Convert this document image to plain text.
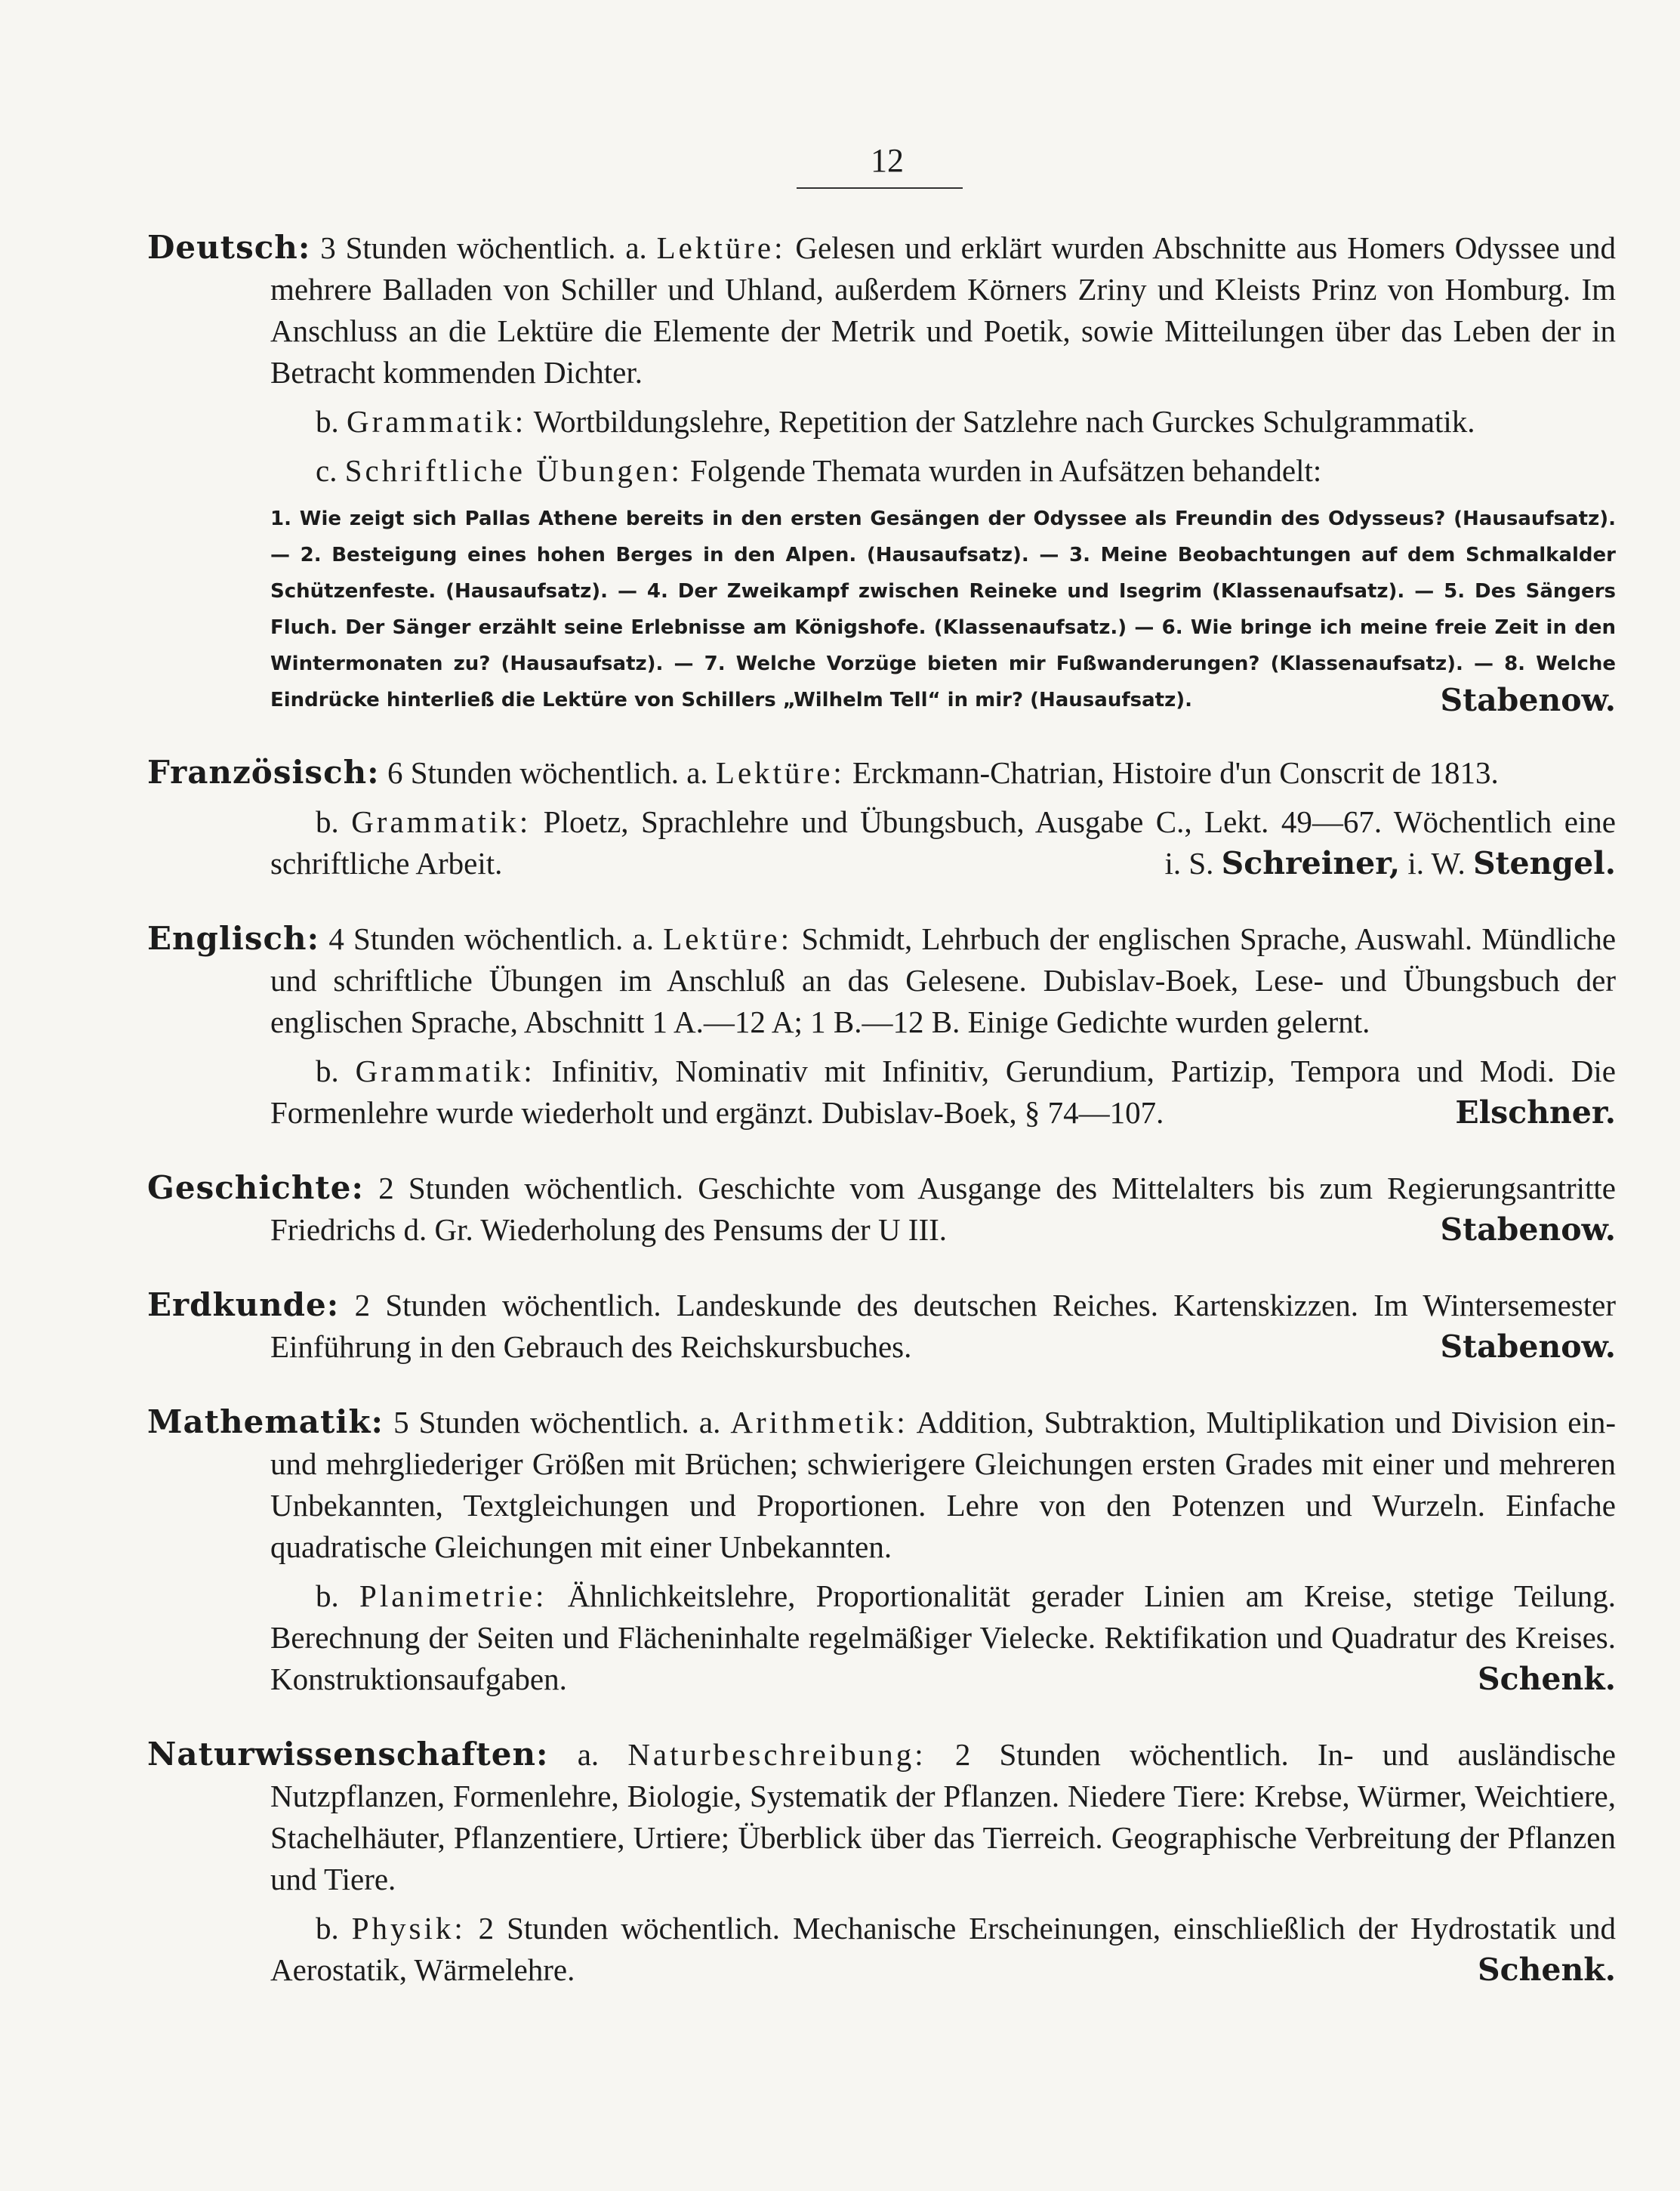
12

Deutsch: 3 Stunden wöchentlich. a. Lektüre: Gelesen und erklärt wurden Abschnitte aus Homers Odyssee und mehrere Balladen von Schiller und Uhland, außerdem Körners Zriny und Kleists Prinz von Homburg. Im Anschluss an die Lektüre die Elemente der Metrik und Poetik, sowie Mitteilungen über das Leben der in Betracht kommenden Dichter.

b. Grammatik: Wortbildungslehre, Repetition der Satzlehre nach Gurckes Schulgrammatik.

c. Schriftliche Übungen: Folgende Themata wurden in Aufsätzen behandelt:

1. Wie zeigt sich Pallas Athene bereits in den ersten Gesängen der Odyssee als Freundin des Odysseus? (Hausaufsatz). — 2. Besteigung eines hohen Berges in den Alpen. (Hausaufsatz). — 3. Meine Beobachtungen auf dem Schmalkalder Schützenfeste. (Hausaufsatz). — 4. Der Zweikampf zwischen Reineke und Isegrim (Klassenaufsatz). — 5. Des Sängers Fluch. Der Sänger erzählt seine Erlebnisse am Königshofe. (Klassenaufsatz.) — 6. Wie bringe ich meine freie Zeit in den Wintermonaten zu? (Hausaufsatz). — 7. Welche Vorzüge bieten mir Fußwanderungen? (Klassenaufsatz). — 8. Welche Eindrücke hinterließ die Lektüre von Schillers „Wilhelm Tell“ in mir? (Hausaufsatz).	Stabenow.

Französisch: 6 Stunden wöchentlich. a. Lektüre: Erckmann-Chatrian, Histoire d'un Conscrit de 1813.

b. Grammatik: Ploetz, Sprachlehre und Übungsbuch, Ausgabe C., Lekt. 49—67. Wöchentlich eine schriftliche Arbeit.	i. S. Schreiner, i. W. Stengel.

Englisch: 4 Stunden wöchentlich. a. Lektüre: Schmidt, Lehrbuch der englischen Sprache, Auswahl. Mündliche und schriftliche Übungen im Anschluß an das Gelesene. Dubislav-Boek, Lese- und Übungsbuch der englischen Sprache, Abschnitt 1 A.—12 A; 1 B.—12 B. Einige Gedichte wurden gelernt.

b. Grammatik: Infinitiv, Nominativ mit Infinitiv, Gerundium, Partizip, Tempora und Modi. Die Formenlehre wurde wiederholt und ergänzt. Dubislav-Boek, § 74—107.	Elschner.

Geschichte: 2 Stunden wöchentlich. Geschichte vom Ausgange des Mittelalters bis zum Regierungsantritte Friedrichs d. Gr. Wiederholung des Pensums der U III.	Stabenow.

Erdkunde: 2 Stunden wöchentlich. Landeskunde des deutschen Reiches. Kartenskizzen. Im Wintersemester Einführung in den Gebrauch des Reichskursbuches.	Stabenow.

Mathematik: 5 Stunden wöchentlich. a. Arithmetik: Addition, Subtraktion, Multiplikation und Division ein- und mehrgliederiger Größen mit Brüchen; schwierigere Gleichungen ersten Grades mit einer und mehreren Unbekannten, Textgleichungen und Proportionen. Lehre von den Potenzen und Wurzeln. Einfache quadratische Gleichungen mit einer Unbekannten.

b. Planimetrie: Ähnlichkeitslehre, Proportionalität gerader Linien am Kreise, stetige Teilung. Berechnung der Seiten und Flächeninhalte regelmäßiger Vielecke. Rektifikation und Quadratur des Kreises. Konstruktionsaufgaben.	Schenk.

Naturwissenschaften: a. Naturbeschreibung: 2 Stunden wöchentlich. In- und ausländische Nutzpflanzen, Formenlehre, Biologie, Systematik der Pflanzen. Niedere Tiere: Krebse, Würmer, Weichtiere, Stachelhäuter, Pflanzentiere, Urtiere; Überblick über das Tierreich. Geographische Verbreitung der Pflanzen und Tiere.

b. Physik: 2 Stunden wöchentlich. Mechanische Erscheinungen, einschließlich der Hydrostatik und Aerostatik, Wärmelehre.	Schenk.
